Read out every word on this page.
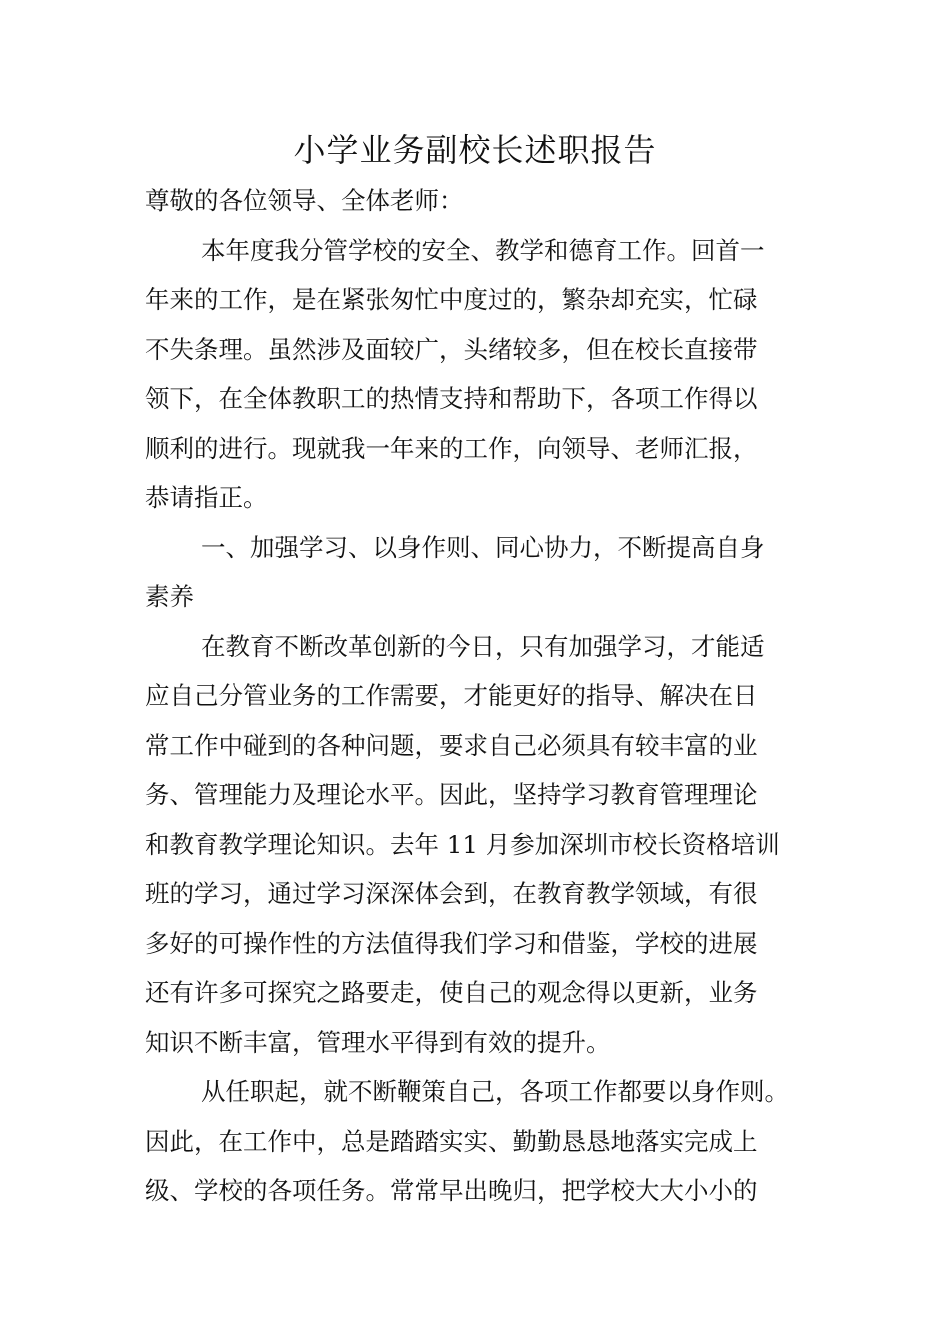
小学业务副校长述职报告
尊敬的各位领导、全体老师：
本年度我分管学校的安全、教学和德育工作。回首一
年来的工作，是在紧张匆忙中度过的，繁杂却充实，忙碌
不失条理。虽然涉及面较广，头绪较多，但在校长直接带
领下，在全体教职工的热情支持和帮助下，各项工作得以
顺利的进行。现就我一年来的工作，向领导、老师汇报，
恭请指正。
一、加强学习、以身作则、同心协力，不断提高自身
素养
在教育不断改革创新的今日，只有加强学习，才能适
应自己分管业务的工作需要，才能更好的指导、解决在日
常工作中碰到的各种问题，要求自己必须具有较丰富的业
务、管理能力及理论水平。因此，坚持学习教育管理理论
和教育教学理论知识。去年 11 月参加深圳市校长资格培训
班的学习，通过学习深深体会到，在教育教学领域，有很
多好的可操作性的方法值得我们学习和借鉴，学校的进展
还有许多可探究之路要走，使自己的观念得以更新，业务
知识不断丰富，管理水平得到有效的提升。
从任职起，就不断鞭策自己，各项工作都要以身作则。
因此，在工作中，总是踏踏实实、勤勤恳恳地落实完成上
级、学校的各项任务。常常早出晚归，把学校大大小小的
